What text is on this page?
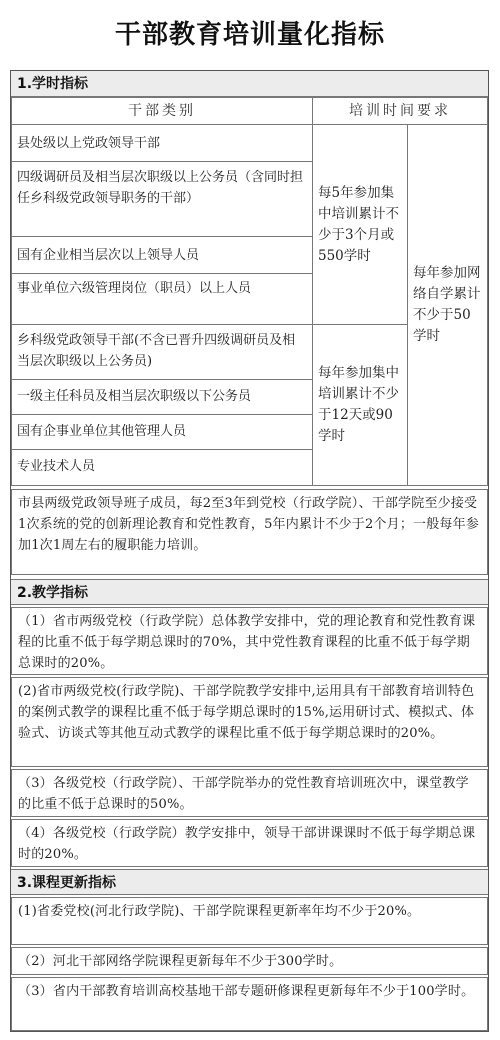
干部教育培训量化指标
1.学时指标
干部类别	培训时间要求
县处级以上党政领导干部
四级调研员及相当层次职级以上公务员（含同时担任乡科级党政领导职务的干部）
国有企业相当层次以上领导人员
事业单位六级管理岗位（职员）以上人员
乡科级党政领导干部(不含已晋升四级调研员及相当层次职级以上公务员)
一级主任科员及相当层次职级以下公务员
国有企事业单位其他管理人员
专业技术人员
每5年参加集中培训累计不少于3个月或550学时
每年参加集中培训累计不少于12天或90学时
每年参加网络自学累计不少于50学时
市县两级党政领导班子成员，每2至3年到党校（行政学院）、干部学院至少接受1次系统的党的创新理论教育和党性教育，5年内累计不少于2个月；一般每年参加1次1周左右的履职能力培训。
2.教学指标
（1）省市两级党校（行政学院）总体教学安排中，党的理论教育和党性教育课程的比重不低于每学期总课时的70%，其中党性教育课程的比重不低于每学期总课时的20%。
(2)省市两级党校(行政学院)、干部学院教学安排中,运用具有干部教育培训特色的案例式教学的课程比重不低于每学期总课时的15%,运用研讨式、模拟式、体验式、访谈式等其他互动式教学的课程比重不低于每学期总课时的20%。
（3）各级党校（行政学院）、干部学院举办的党性教育培训班次中，课堂教学的比重不低于总课时的50%。
（4）各级党校（行政学院）教学安排中，领导干部讲课课时不低于每学期总课时的20%。
3.课程更新指标
(1)省委党校(河北行政学院)、干部学院课程更新率年均不少于20%。
（2）河北干部网络学院课程更新每年不少于300学时。
（3）省内干部教育培训高校基地干部专题研修课程更新每年不少于100学时。
